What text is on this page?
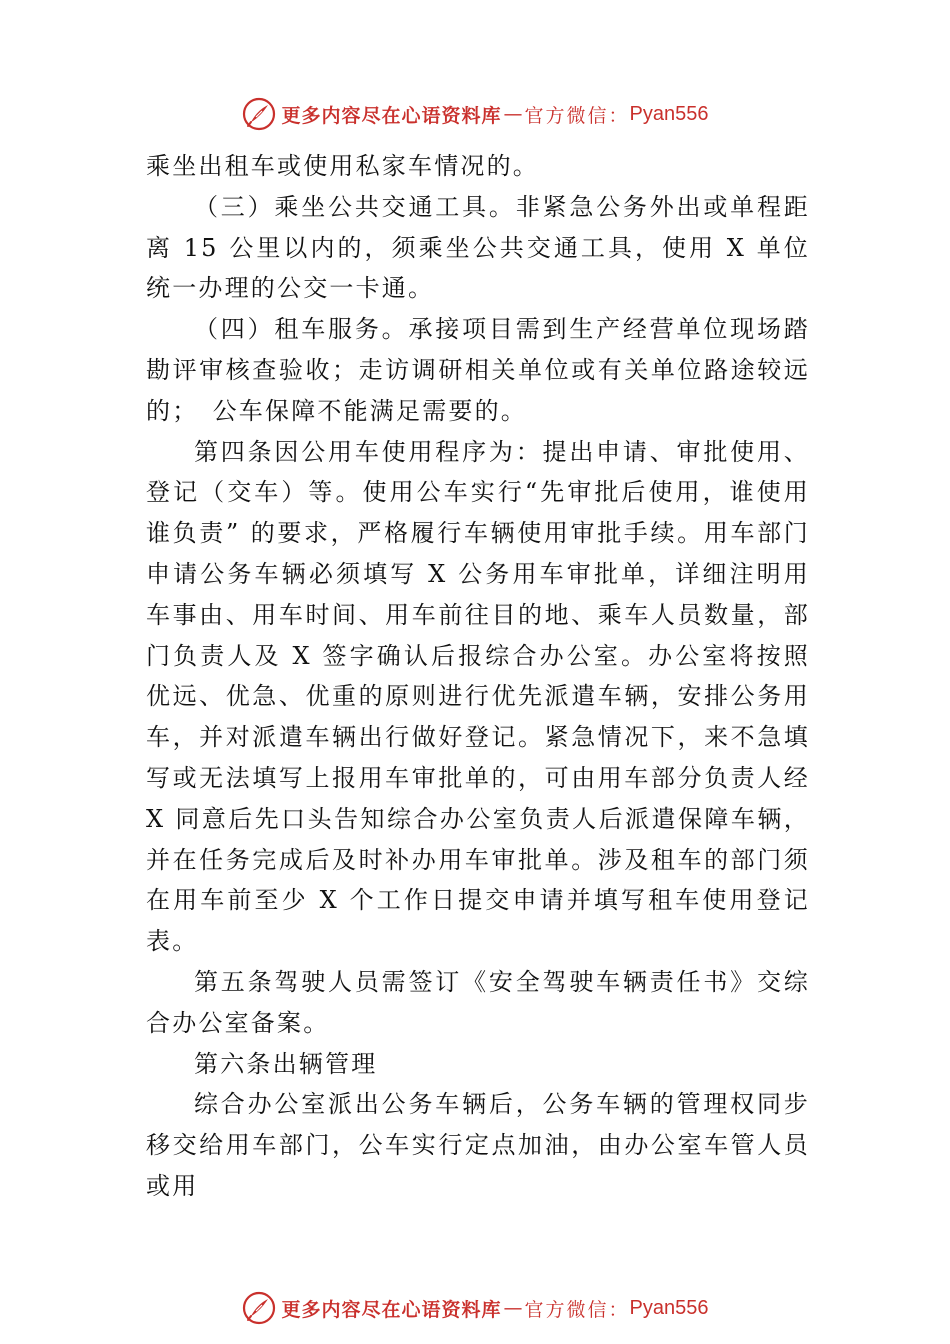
更多内容尽在心语资料库 — 官方微信： Pyan556

乘坐出租车或使用私家车情况的。

（三）乘坐公共交通工具。非紧急公务外出或单程距离 15 公里以内的，须乘坐公共交通工具，使用 X 单位统一办理的公交一卡通。

（四）租车服务。承接项目需到生产经营单位现场踏勘评审核查验收；走访调研相关单位或有关单位路途较远的；　公车保障不能满足需要的。

第四条因公用车使用程序为：提出申请、审批使用、登记（交车）等。使用公车实行“先审批后使用，谁使用谁负责” 的要求，严格履行车辆使用审批手续。用车部门申请公务车辆必须填写 X 公务用车审批单，详细注明用车事由、用车时间、用车前往目的地、乘车人员数量，部门负责人及 X 签字确认后报综合办公室。办公室将按照优远、优急、优重的原则进行优先派遣车辆，安排公务用车，并对派遣车辆出行做好登记。紧急情况下，来不急填写或无法填写上报用车审批单的，可由用车部分负责人经 X 同意后先口头告知综合办公室负责人后派遣保障车辆，并在任务完成后及时补办用车审批单。涉及租车的部门须在用车前至少 X 个工作日提交申请并填写租车使用登记表。

第五条驾驶人员需签订《安全驾驶车辆责任书》交综合办公室备案。

第六条出辆管理

综合办公室派出公务车辆后，公务车辆的管理权同步移交给用车部门，公车实行定点加油，由办公室车管人员或用

更多内容尽在心语资料库 — 官方微信： Pyan556
